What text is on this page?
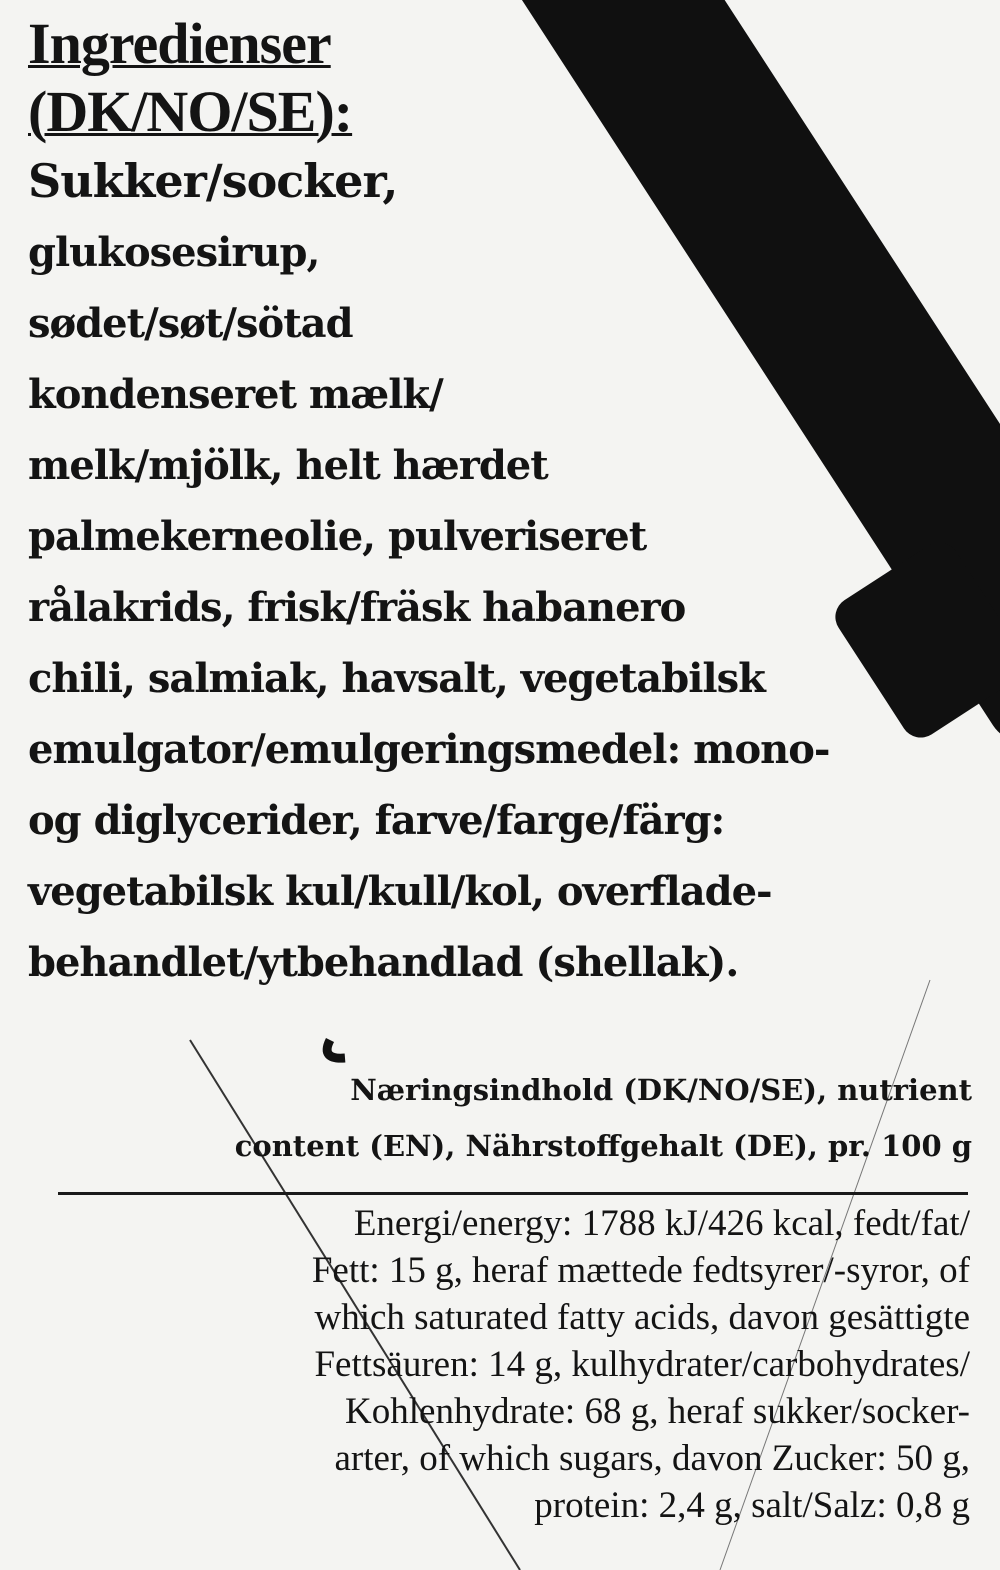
Ingredienser

(DK/NO/SE):

Sukker/socker,

glukosesirup,

sødet/søt/sötad

kondenseret mælk/

melk/mjölk, helt hærdet

palmekerneolie, pulveriseret

rålakrids, frisk/fräsk habanero

chili, salmiak, havsalt, vegetabilsk

emulgator/emulgeringsmedel: mono-

og diglycerider, farve/farge/färg:

vegetabilsk kul/kull/kol, overflade-

behandlet/ytbehandlad (shellak).

Næringsindhold (DK/NO/SE), nutrient

content (EN), Nährstoffgehalt (DE), pr. 100 g

Energi/energy: 1788 kJ/426 kcal, fedt/fat/

Fett: 15 g, heraf mættede fedtsyrer/-syror, of

which saturated fatty acids, davon gesättigte

Fettsäuren: 14 g, kulhydrater/carbohydrates/

Kohlenhydrate: 68 g, heraf sukker/socker-

arter, of which sugars, davon Zucker: 50 g,

protein: 2,4 g, salt/Salz: 0,8 g
